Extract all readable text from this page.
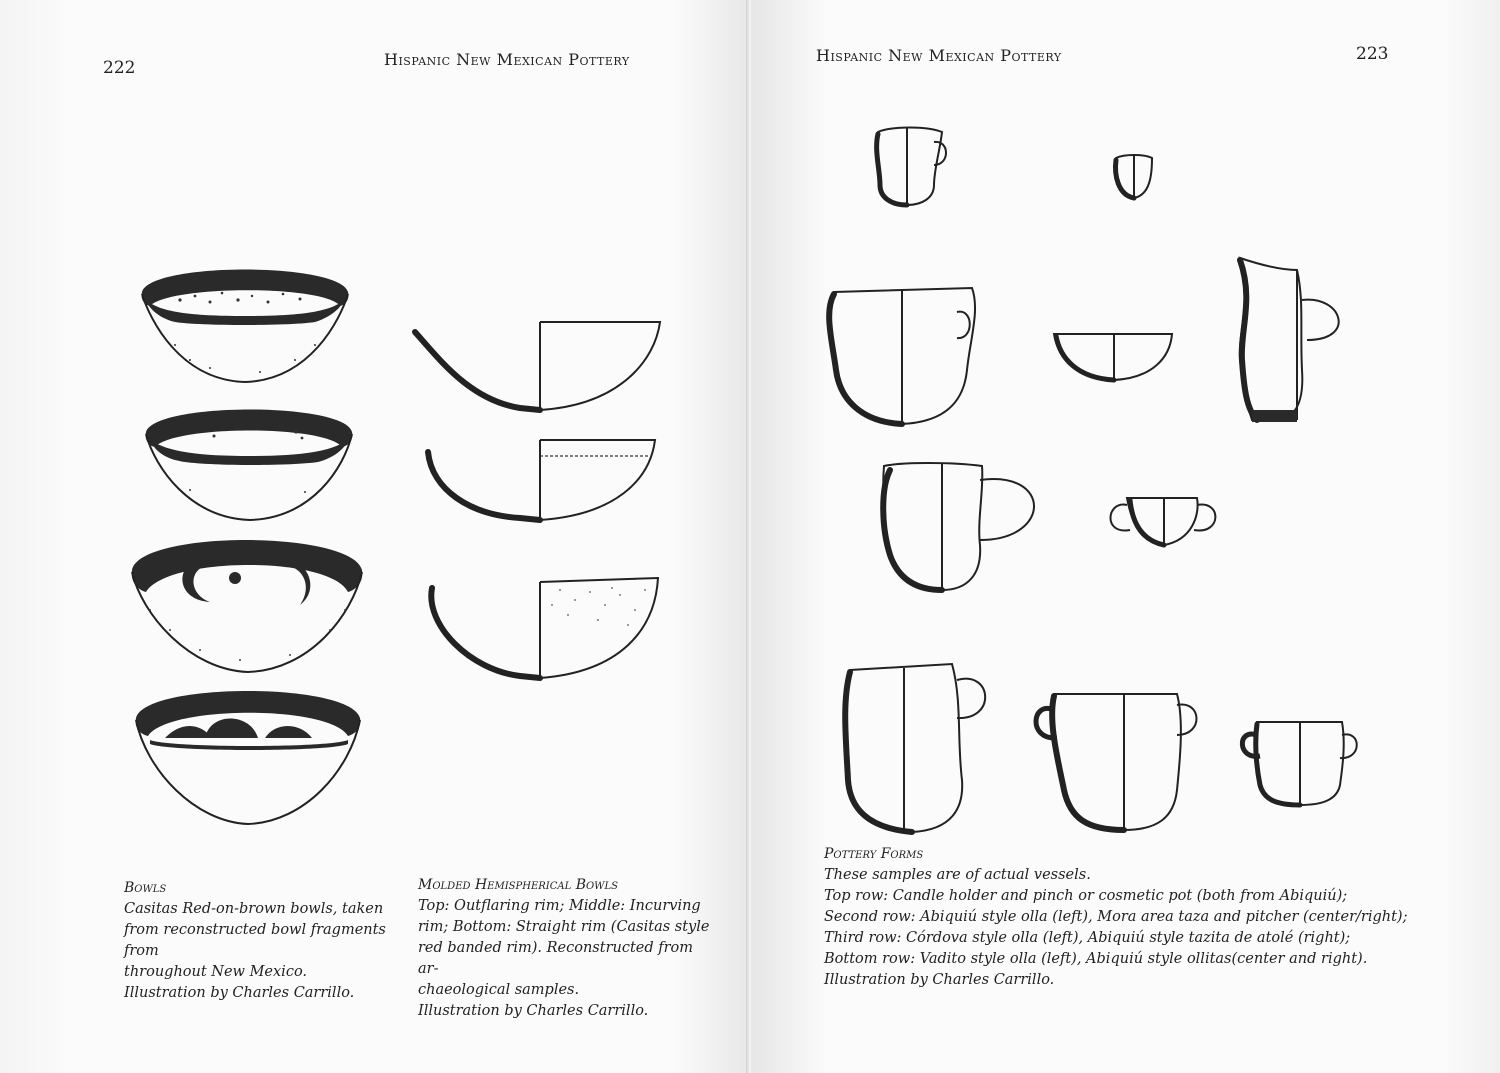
222	Hispanic New Mexican Pottery
Bowls
Casitas Red-on-brown bowls, taken
from reconstructed bowl fragments from
throughout New Mexico.
Illustration by Charles Carrillo.
Molded Hemispherical Bowls
Top: Outflaring rim; Middle: Incurving
rim; Bottom: Straight rim (Casitas style
red banded rim). Reconstructed from ar-
chaeological samples.
Illustration by Charles Carrillo.
Hispanic New Mexican Pottery	223
Pottery Forms
These samples are of actual vessels.
Top row: Candle holder and pinch or cosmetic pot (both from Abiquiú);
Second row: Abiquiú style olla (left), Mora area taza and pitcher (center/right);
Third row: Córdova style olla (left), Abiquiú style tazita de atolé (right);
Bottom row: Vadito style olla (left), Abiquiú style ollitas(center and right).
Illustration by Charles Carrillo.
